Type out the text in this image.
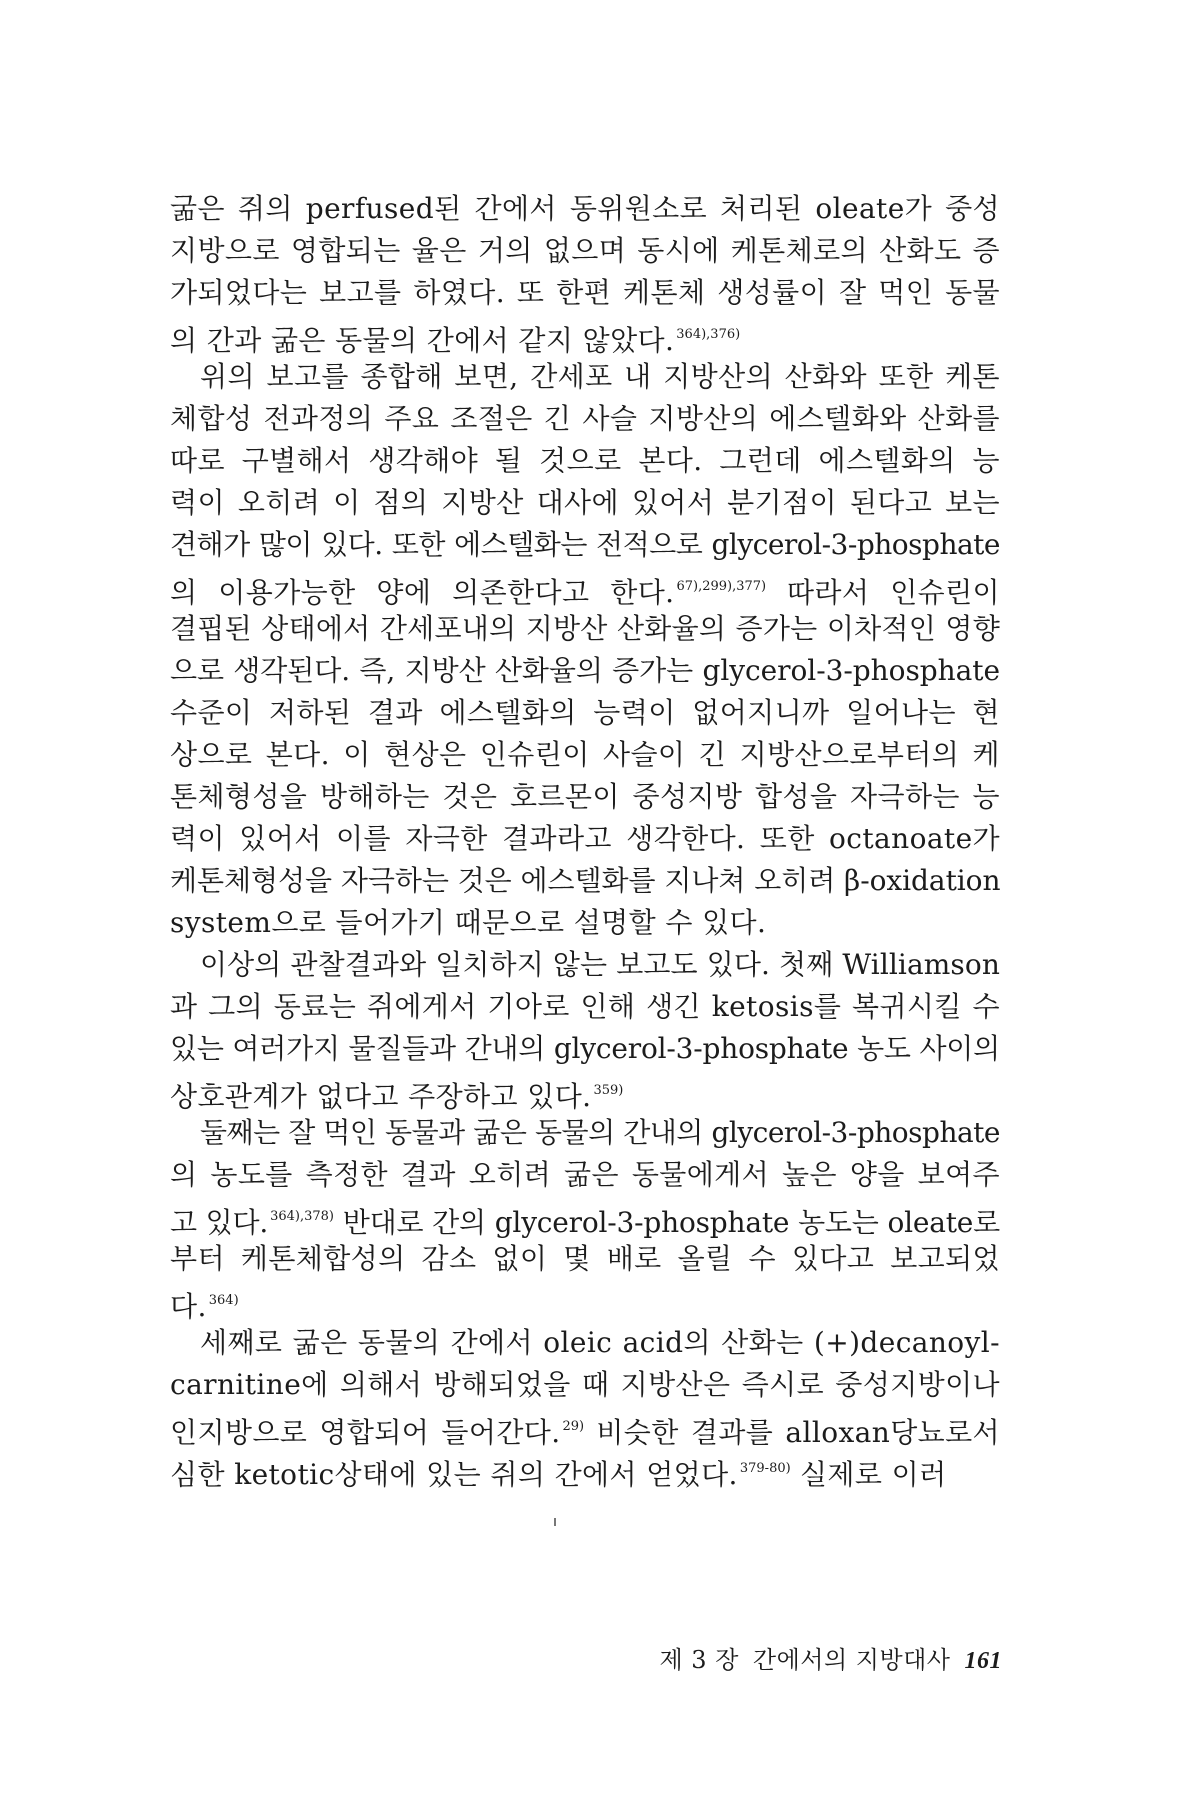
굶은 쥐의 perfused된 간에서 동위원소로 처리된 oleate가 중성
지방으로 영합되는 율은 거의 없으며 동시에 케톤체로의 산화도 증
가되었다는 보고를 하였다. 또 한편 케톤체 생성률이 잘 먹인 동물
의 간과 굶은 동물의 간에서 같지 않았다. $^{364),376)}$
위의 보고를 종합해 보면, 간세포 내 지방산의 산화와 또한 케톤
체합성 전과정의 주요 조절은 긴 사슬 지방산의 에스텔화와 산화를
따로 구별해서 생각해야 될 것으로 본다. 그런데 에스텔화의 능
력이 오히려 이 점의 지방산 대사에 있어서 분기점이 된다고 보는
견해가 많이 있다. 또한 에스텔화는 전적으로 glycerol-3-phosphate
의 이용가능한 양에 의존한다고 한다. $^{67),299),377)}$ 따라서 인슈린이
결핍된 상태에서 간세포내의 지방산 산화율의 증가는 이차적인 영향
으로 생각된다. 즉, 지방산 산화율의 증가는 glycerol-3-phosphate
수준이 저하된 결과 에스텔화의 능력이 없어지니까 일어나는 현
상으로 본다. 이 현상은 인슈린이 사슬이 긴 지방산으로부터의 케
톤체형성을 방해하는 것은 호르몬이 중성지방 합성을 자극하는 능
력이 있어서 이를 자극한 결과라고 생각한다. 또한 octanoate가
케톤체형성을 자극하는 것은 에스텔화를 지나쳐 오히려 β-oxidation
system으로 들어가기 때문으로 설명할 수 있다.
이상의 관찰결과와 일치하지 않는 보고도 있다. 첫째 Williamson
과 그의 동료는 쥐에게서 기아로 인해 생긴 ketosis를 복귀시킬 수
있는 여러가지 물질들과 간내의 glycerol-3-phosphate 농도 사이의
상호관계가 없다고 주장하고 있다. $^{359)}$
둘째는 잘 먹인 동물과 굶은 동물의 간내의 glycerol-3-phosphate
의 농도를 측정한 결과 오히려 굶은 동물에게서 높은 양을 보여주
고 있다. $^{364),378)}$ 반대로 간의 glycerol-3-phosphate 농도는 oleate로
부터 케톤체합성의 감소 없이 몇 배로 올릴 수 있다고 보고되었
다. $^{364)}$
세째로 굶은 동물의 간에서 oleic acid의 산화는 (+)decanoyl-
carnitine에 의해서 방해되었을 때 지방산은 즉시로 중성지방이나
인지방으로 영합되어 들어간다. $^{29)}$ 비슷한 결과를 alloxan당뇨로서
심한 ketotic상태에 있는 쥐의 간에서 얻었다. $^{379-80)}$ 실제로 이러
제 3 장 간에서의 지방대사 161
